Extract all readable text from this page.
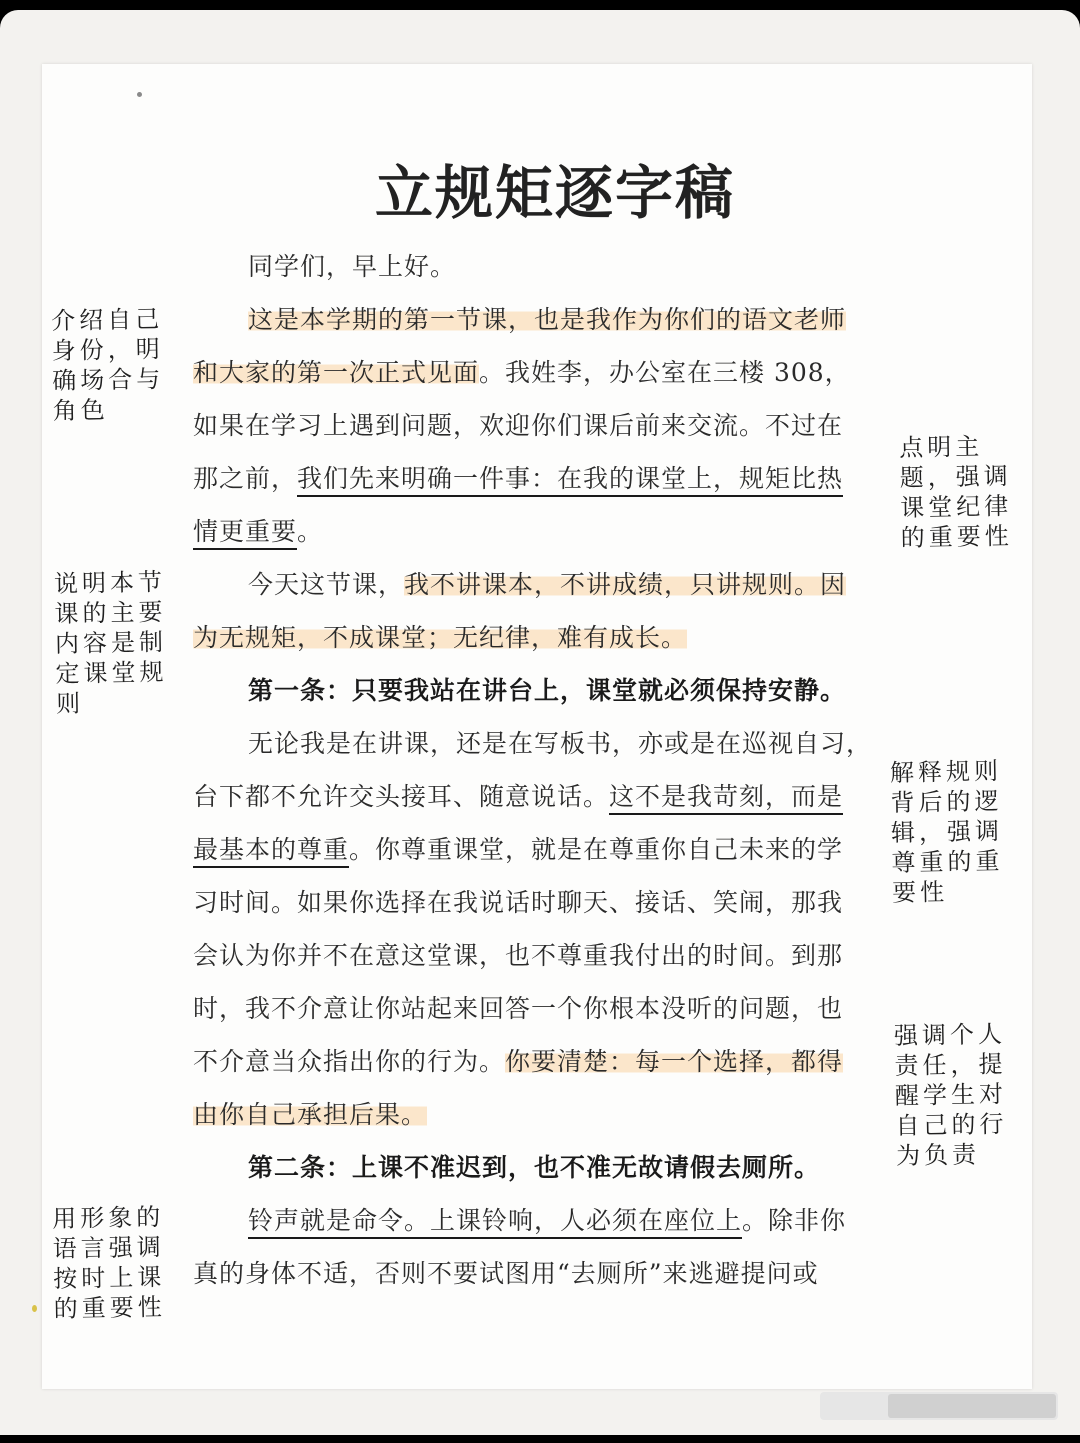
立规矩逐字稿
同学们，早上好。
这是本学期的第一节课，也是我作为你们的语文老师
和大家的第一次正式见面。我姓李，办公室在三楼 308，
如果在学习上遇到问题，欢迎你们课后前来交流。不过在
那之前，我们先来明确一件事：在我的课堂上，规矩比热
情更重要。
今天这节课，我不讲课本，不讲成绩，只讲规则。因
为无规矩，不成课堂；无纪律，难有成长。
第一条：只要我站在讲台上，课堂就必须保持安静。
无论我是在讲课，还是在写板书，亦或是在巡视自习，
台下都不允许交头接耳、随意说话。这不是我苛刻，而是
最基本的尊重。你尊重课堂，就是在尊重你自己未来的学
习时间。如果你选择在我说话时聊天、接话、笑闹，那我
会认为你并不在意这堂课，也不尊重我付出的时间。到那
时，我不介意让你站起来回答一个你根本没听的问题，也
不介意当众指出你的行为。你要清楚：每一个选择，都得
由你自己承担后果。
第二条：上课不准迟到，也不准无故请假去厕所。
铃声就是命令。上课铃响，人必须在座位上。除非你
真的身体不适，否则不要试图用“去厕所”来逃避提问或
介绍自己
身份，明
确场合与
角色
说明本节
课的主要
内容是制
定课堂规
则
用形象的
语言强调
按时上课
的重要性
点明主
题，强调
课堂纪律
的重要性
解释规则
背后的逻
辑，强调
尊重的重
要性
强调个人
责任，提
醒学生对
自己的行
为负责
